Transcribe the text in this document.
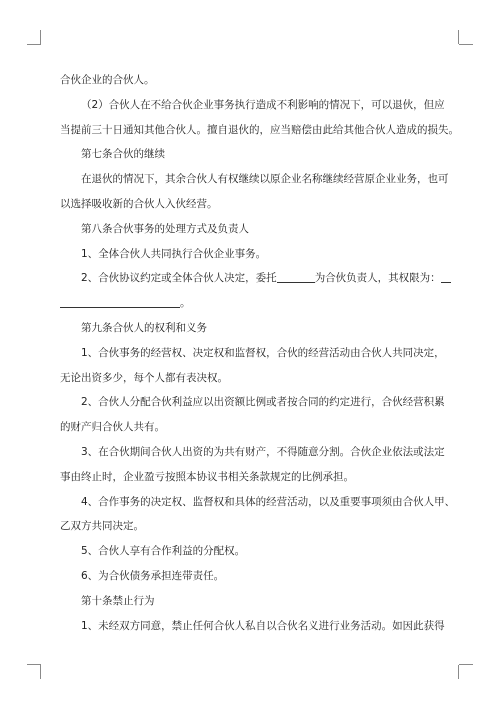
合伙企业的合伙人。
（2）合伙人在不给合伙企业事务执行造成不利影响的情况下，可以退伙，但应
当提前三十日通知其他合伙人。擅自退伙的，应当赔偿由此给其他合伙人造成的损失。
第七条合伙的继续
在退伙的情况下，其余合伙人有权继续以原企业名称继续经营原企业业务，也可
以选择吸收新的合伙人入伙经营。
第八条合伙事务的处理方式及负责人
1、全体合伙人共同执行合伙企业事务。
2、合伙协议约定或全体合伙人决定，委托	为合伙负责人，其权限为：
。
第九条合伙人的权利和义务
1、合伙事务的经营权、决定权和监督权，合伙的经营活动由合伙人共同决定，
无论出资多少，每个人都有表决权。
2、合伙人分配合伙利益应以出资额比例或者按合同的约定进行，合伙经营积累
的财产归合伙人共有。
3、在合伙期间合伙人出资的为共有财产，不得随意分割。合伙企业依法或法定
事由终止时，企业盈亏按照本协议书相关条款规定的比例承担。
4、合作事务的决定权、监督权和具体的经营活动，以及重要事项须由合伙人甲、
乙双方共同决定。
5、合伙人享有合作利益的分配权。
6、为合伙债务承担连带责任。
第十条禁止行为
1、未经双方同意，禁止任何合伙人私自以合伙名义进行业务活动。如因此获得
